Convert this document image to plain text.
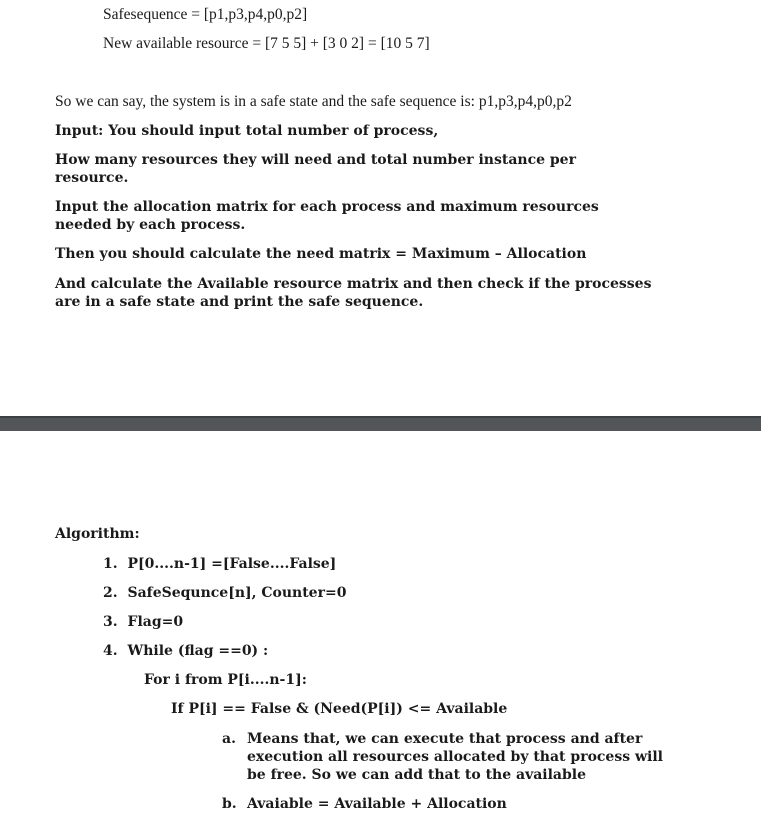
Safesequence = [p1,p3,p4,p0,p2]
New available resource = [7 5 5] + [3 0 2] = [10 5 7]
So we can say, the system is in a safe state and the safe sequence is: p1,p3,p4,p0,p2
Input: You should input total number of process,
How many resources they will need and total number instance per
resource.
Input the allocation matrix for each process and maximum resources
needed by each process.
Then you should calculate the need matrix = Maximum – Allocation
And calculate the Available resource matrix and then check if the processes
are in a safe state and print the safe sequence.
Algorithm:
1. P[0....n-1] =[False....False]
2. SafeSequnce[n], Counter=0
3. Flag=0
4. While (flag ==0) :
For i from P[i....n-1]:
If P[i] == False & (Need(P[i]) <= Available
a. Means that, we can execute that process and after
execution all resources allocated by that process will
be free. So we can add that to the available
b. Avaiable = Available + Allocation
